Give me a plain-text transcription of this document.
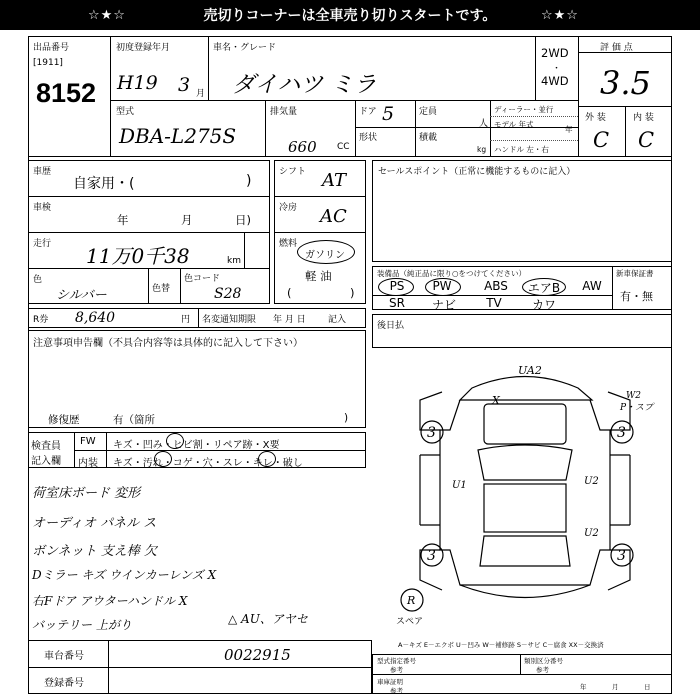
☆★☆	売切りコーナーは全車売り切りスタートです。	☆★☆
出品番号
[1911]
8152
初度登録年月
H19 3 月
車名・グレード
ダイハツ ミラ
2WD
・
4WD
評 価 点
3.5
型式
DBA-L275S
排気量
660 CC
ドア 5	定員
人
ディーラー・並行
モデル 年式
年
形状	積載
kg ハンドル 左・右
外 装	内 装
C C
車歴
自家用・(	)
車検
年	月	日)
走行 11万0千38	km
色
シルバー	色替
色コード
S28
シフト AT
冷房 AC
燃料
ガソリン
軽 油
(	)
セールスポイント（正常に機能するものに記入）
装備品（純正品に限り○をつけてください）	新車保証書
有・無
PS	PW	ABS	エアB	AW
SR	ナビ	TV	カワ
R券 8,640	円 名変通知期限 年 月 日 記入
注意事項申告欄（不具合内容等は具体的に記入して下さい）
修復歴	有（箇所	)
後日払
検査員
記入欄
FW キズ・凹み・ヒビ割・リペア跡・X要
内装 キズ・汚れ・コゲ・穴・スレ・キレ・破し
荷室床ボード 変形
オーディオ パネル ス
ボンネット 支え棒 欠
Dミラー キズ ウインカーレンズ X
右Fドア アウターハンドル X
バッテリー 上がり	△ AU、アヤセ
UA2
X	W2
P・スプ
3	3
3	3
U1	U2
U2
R
スペア
A－キズ E－エクボ U－凹み W－補修跡 S－サビ C－腐食 XX－交換済
車台番号	0022915
登録番号
型式指定番号	類別区分番号
参考	参考
車庫証明
参考	年	月	日
